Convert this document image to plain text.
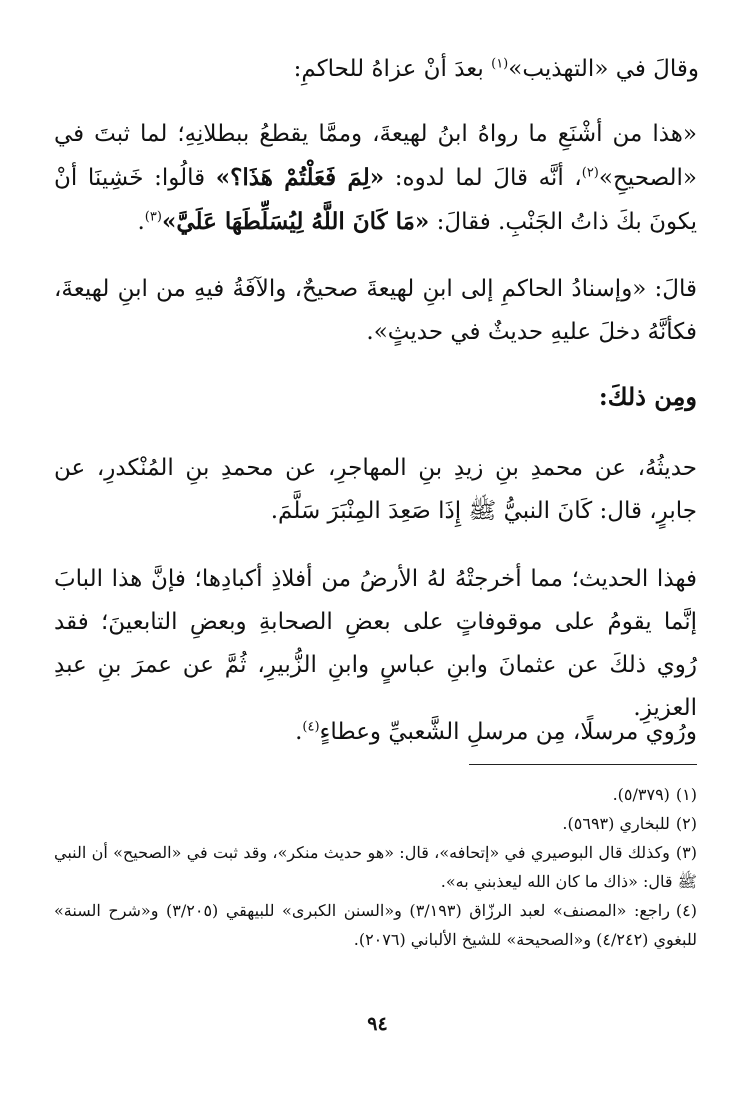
وقالَ في «التهذيب»$^{(١)}$ بعدَ أنْ عزاهُ للحاكمِ:

«هذا من أشْنَعِ ما رواهُ ابنُ لهيعةَ، وممَّا يقطعُ ببطلانِهِ؛ لما ثبتَ في «الصحيحِ»$^{(٢)}$، أنَّه قالَ لما لدوه: «لِمَ فَعَلْتُمْ هَذَا؟» قالُوا: خَشِينَا أنْ يكونَ بكَ ذاتُ الجَنْبِ. فقالَ: «مَا كَانَ اللَّهُ لِيُسَلِّطَهَا عَلَيَّ»$^{(٣)}$.

قالَ: «وإسنادُ الحاكمِ إلى ابنِ لهيعةَ صحيحٌ، والآفَةُ فيهِ من ابنِ لهيعةَ، فكأنَّهُ دخلَ عليهِ حديثٌ في حديثٍ».

ومِن ذلكَ:

حديثُهُ، عن محمدِ بنِ زيدِ بنِ المهاجرِ، عن محمدِ بنِ المُنْكدرِ، عن جابرٍ، قال: كَانَ النبيُّ ﷺ إِذَا صَعِدَ المِنْبَرَ سَلَّمَ.

فهذا الحديث؛ مما أخرجتْهُ لهُ الأرضُ من أفلاذِ أكبادِها؛ فإنَّ هذا البابَ إنَّما يقومُ على موقوفاتٍ على بعضِ الصحابةِ وبعضِ التابعينَ؛ فقد رُوي ذلكَ عن عثمانَ وابنِ عباسٍ وابنِ الزُّبيرِ، ثُمَّ عن عمرَ بنِ عبدِ العزيزِ.

ورُوي مرسلًا، مِن مرسلِ الشَّعبيِّ وعطاءٍ$^{(٤)}$.

(١)(٥/٣٧٩).

(٢)للبخاري (٥٦٩٣).

(٣)وكذلك قال البوصيري في «إتحافه»، قال: «هو حديث منكر»، وقد ثبت في «الصحيح» أن النبي ﷺ قال: «ذاك ما كان الله ليعذبني به».

(٤)راجع: «المصنف» لعبد الرزّاق (٣/١٩٣) و«السنن الكبرى» للبيهقي (٣/٢٠٥) و«شرح السنة» للبغوي (٤/٢٤٢) و«الصحيحة» للشيخ الألباني (٢٠٧٦).

٩٤
